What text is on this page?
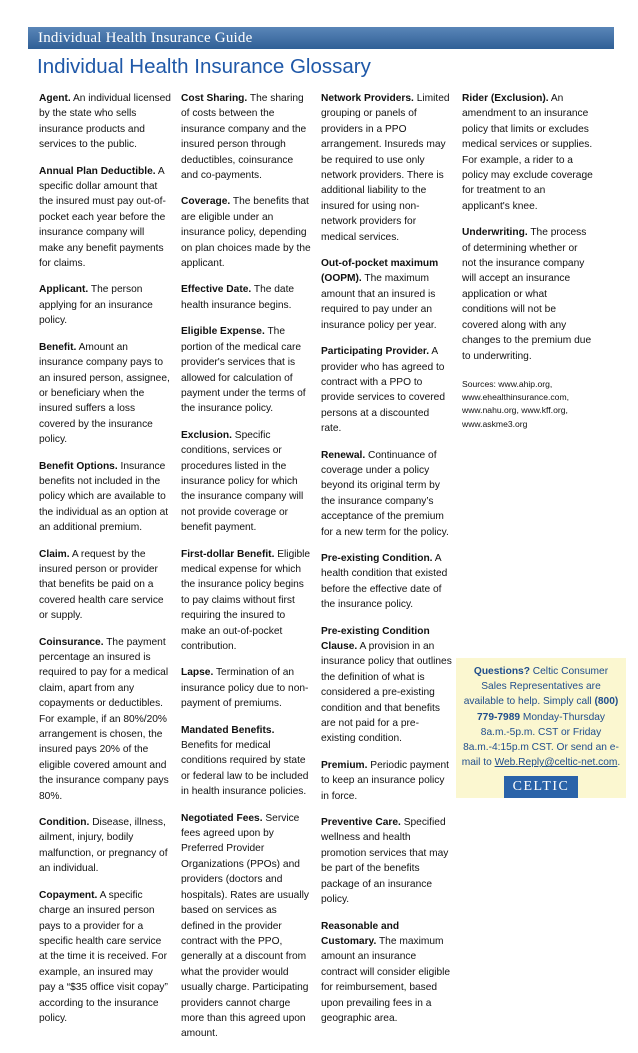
Individual Health Insurance Guide
Individual Health Insurance Glossary
Agent. An individual licensed by the state who sells insurance products and services to the public.
Annual Plan Deductible. A specific dollar amount that the insured must pay out-of-pocket each year before the insurance company will make any benefit payments for claims.
Applicant. The person applying for an insurance policy.
Benefit. Amount an insurance company pays to an insured person, assignee, or beneficiary when the insured suffers a loss covered by the insurance policy.
Benefit Options. Insurance benefits not included in the policy which are available to the individual as an option at an additional premium.
Claim. A request by the insured person or provider that benefits be paid on a covered health care service or supply.
Coinsurance. The payment percentage an insured is required to pay for a medical claim, apart from any copayments or deductibles. For example, if an 80%/20% arrangement is chosen, the insured pays 20% of the eligible covered amount and the insurance company pays 80%.
Condition. Disease, illness, ailment, injury, bodily malfunction, or pregnancy of an individual.
Copayment. A specific charge an insured person pays to a provider for a specific health care service at the time it is received. For example, an insured may pay a “$35 office visit copay” according to the insurance policy.
Cost Sharing. The sharing of costs between the insurance company and the insured person through deductibles, coinsurance and co-payments.
Coverage. The benefits that are eligible under an insurance policy, depending on plan choices made by the applicant.
Effective Date. The date health insurance begins.
Eligible Expense. The portion of the medical care provider's services that is allowed for calculation of payment under the terms of the insurance policy.
Exclusion. Specific conditions, services or procedures listed in the insurance policy for which the insurance company will not provide coverage or benefit payment.
First-dollar Benefit. Eligible medical expense for which the insurance policy begins to pay claims without first requiring the insured to make an out-of-pocket contribution.
Lapse. Termination of an insurance policy due to non-payment of premiums.
Mandated Benefits. Benefits for medical conditions required by state or federal law to be included in health insurance policies.
Negotiated Fees. Service fees agreed upon by Preferred Provider Organizations (PPOs) and providers (doctors and hospitals). Rates are usually based on services as defined in the provider contract with the PPO, generally at a discount from what the provider would usually charge. Participating providers cannot charge more than this agreed upon amount.
Network Providers. Limited grouping or panels of providers in a PPO arrangement. Insureds may be required to use only network providers. There is additional liability to the insured for using non-network providers for medical services.
Out-of-pocket maximum (OOPM). The maximum amount that an insured is required to pay under an insurance policy per year.
Participating Provider. A provider who has agreed to contract with a PPO to provide services to covered persons at a discounted rate.
Renewal. Continuance of coverage under a policy beyond its original term by the insurance company’s acceptance of the premium for a new term for the policy.
Pre-existing Condition. A health condition that existed before the effective date of the insurance policy.
Pre-existing Condition Clause. A provision in an insurance policy that outlines the definition of what is considered a pre-existing condition and that benefits are not paid for a pre-existing condition.
Premium. Periodic payment to keep an insurance policy in force.
Preventive Care. Specified wellness and health promotion services that may be part of the benefits package of an insurance policy.
Reasonable and Customary. The maximum amount an insurance contract will consider eligible for reimbursement, based upon prevailing fees in a geographic area.
Rider (Exclusion). An amendment to an insurance policy that limits or excludes medical services or supplies. For example, a rider to a policy may exclude coverage for treatment to an applicant's knee.
Underwriting. The process of determining whether or not the insurance company will accept an insurance application or what conditions will not be covered along with any changes to the premium due to underwriting.
Sources: www.ahip.org, www.ehealthinsurance.com, www.nahu.org, www.kff.org, www.askme3.org
Questions? Celtic Consumer Sales Representatives are available to help. Simply call (800) 779-7989 Monday-Thursday 8a.m.-5p.m. CST or Friday 8a.m.-4:15p.m CST. Or send an e-mail to Web.Reply@celtic-net.com.
CELTIC
